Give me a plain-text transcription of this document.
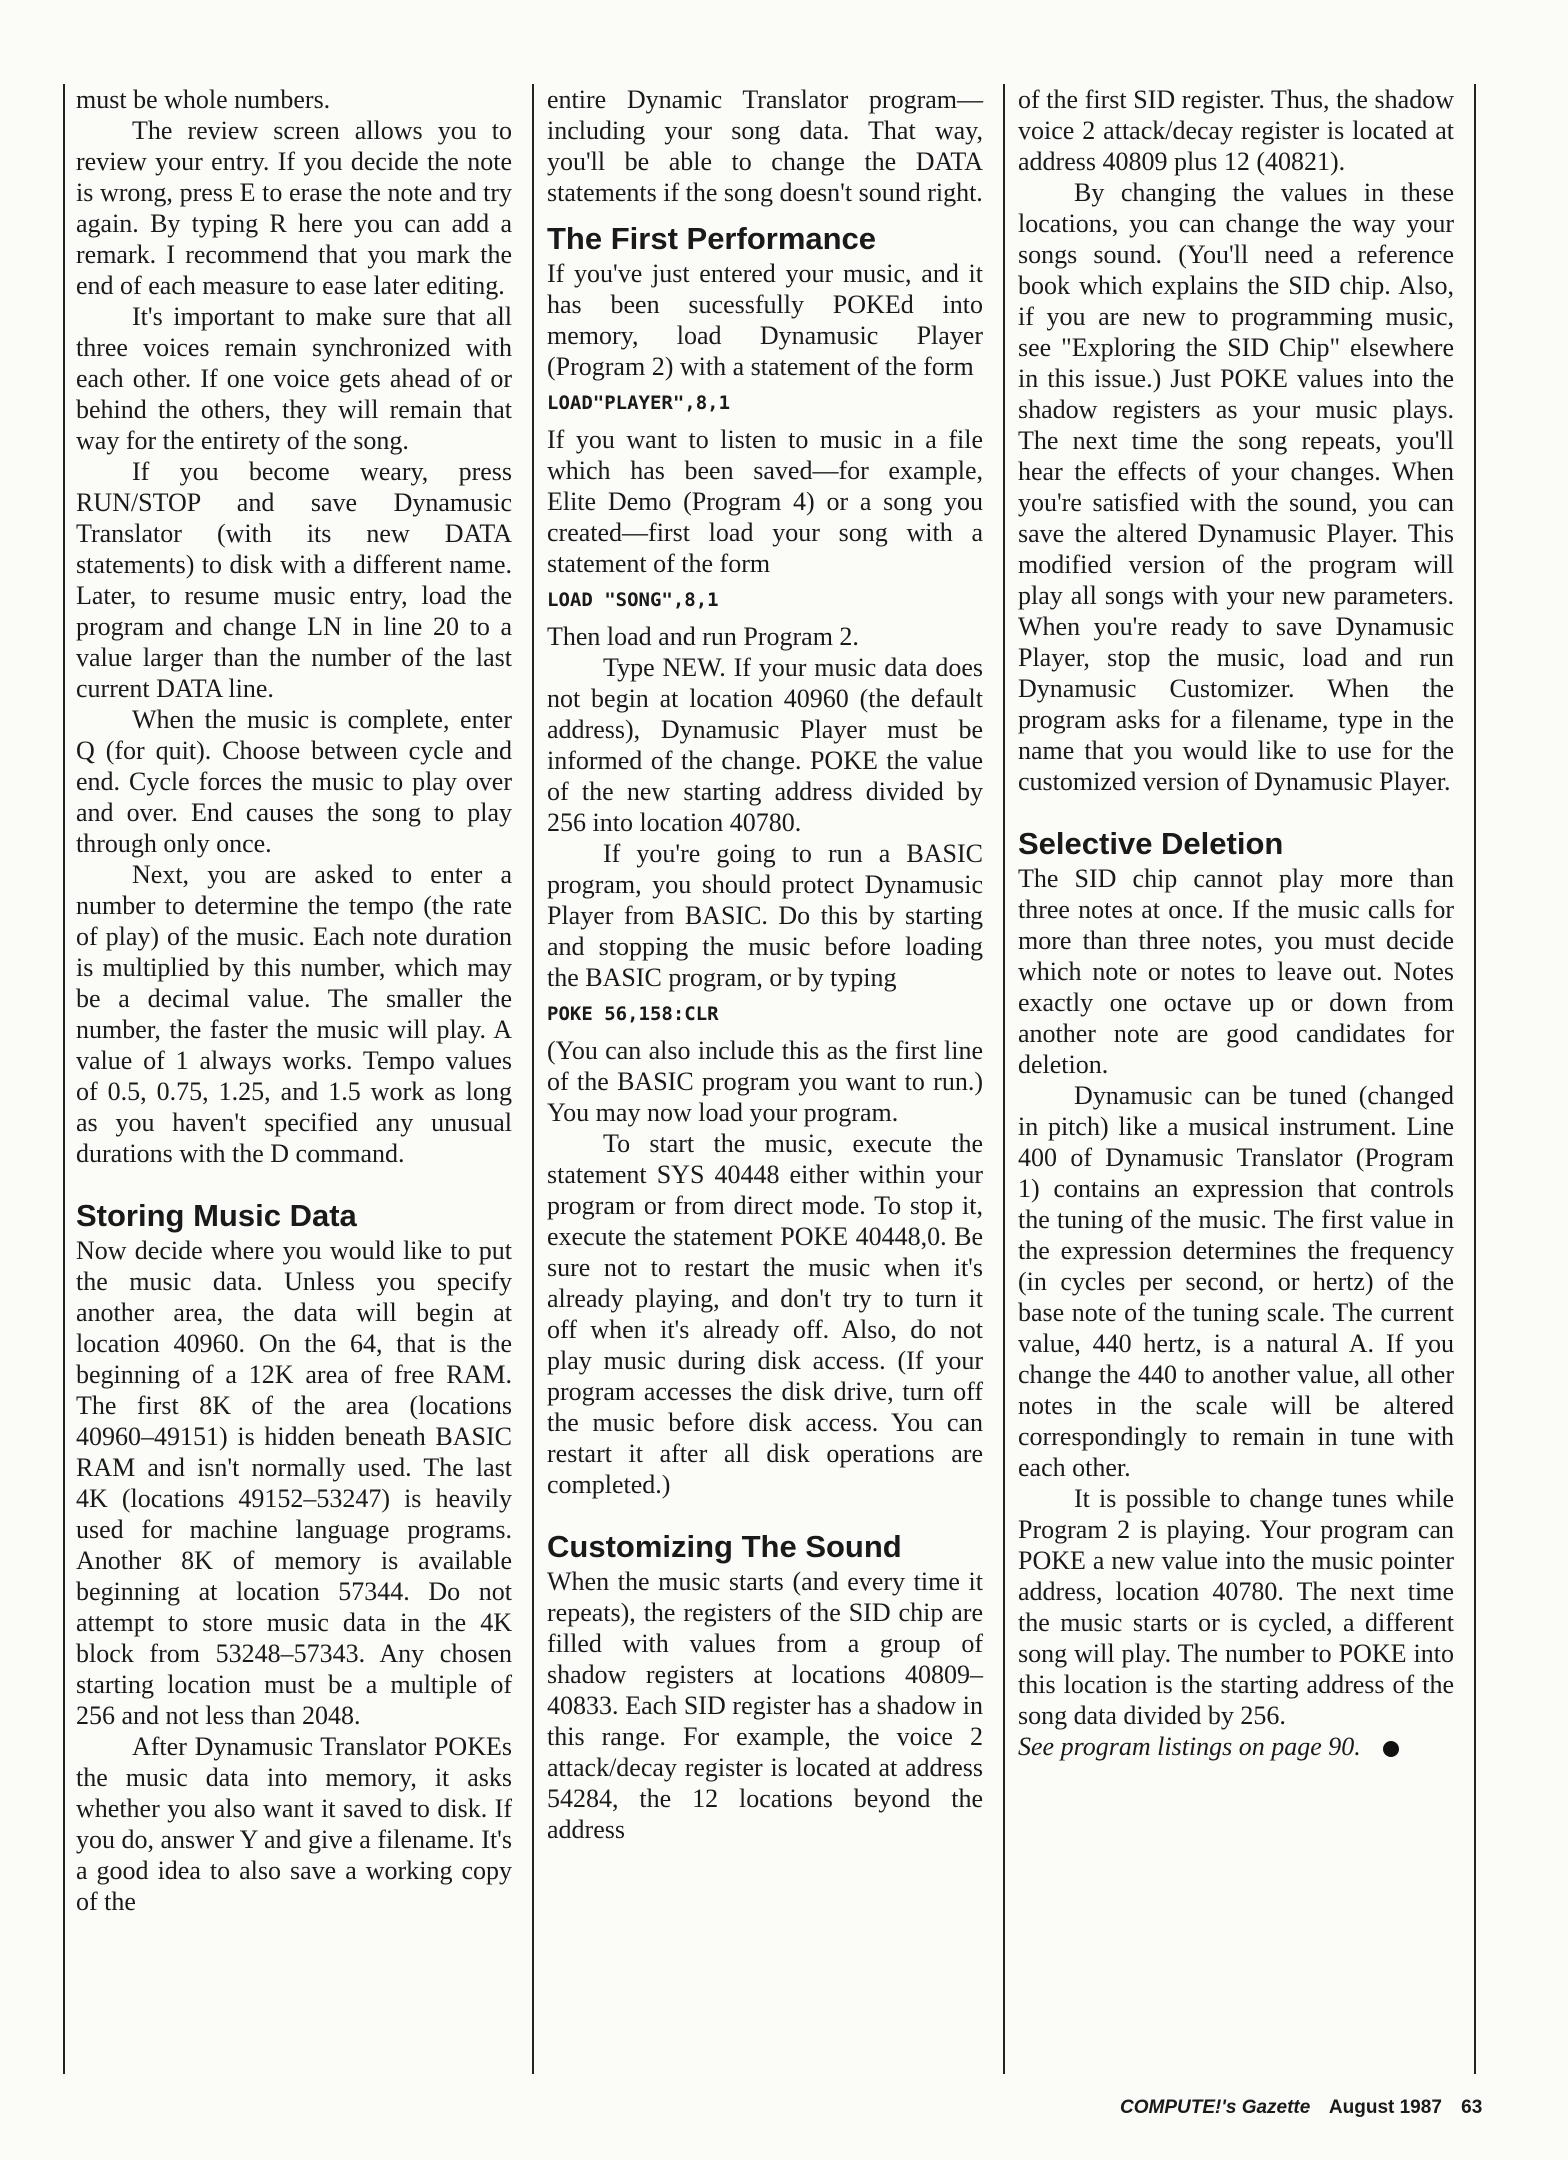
must be whole numbers.

The review screen allows you to review your entry. If you decide the note is wrong, press E to erase the note and try again. By typing R here you can add a remark. I recommend that you mark the end of each measure to ease later editing.

It's important to make sure that all three voices remain synchronized with each other. If one voice gets ahead of or behind the others, they will remain that way for the entirety of the song.

If you become weary, press RUN/STOP and save Dynamusic Translator (with its new DATA statements) to disk with a different name. Later, to resume music entry, load the program and change LN in line 20 to a value larger than the number of the last current DATA line.

When the music is complete, enter Q (for quit). Choose between cycle and end. Cycle forces the music to play over and over. End causes the song to play through only once.

Next, you are asked to enter a number to determine the tempo (the rate of play) of the music. Each note duration is multiplied by this number, which may be a decimal value. The smaller the number, the faster the music will play. A value of 1 always works. Tempo values of 0.5, 0.75, 1.25, and 1.5 work as long as you haven't specified any unusual durations with the D command.

Storing Music Data

Now decide where you would like to put the music data. Unless you specify another area, the data will begin at location 40960. On the 64, that is the beginning of a 12K area of free RAM. The first 8K of the area (locations 40960–49151) is hidden beneath BASIC RAM and isn't normally used. The last 4K (locations 49152–53247) is heavily used for machine language programs. Another 8K of memory is available beginning at location 57344. Do not attempt to store music data in the 4K block from 53248–57343. Any chosen starting location must be a multiple of 256 and not less than 2048.

After Dynamusic Translator POKEs the music data into memory, it asks whether you also want it saved to disk. If you do, answer Y and give a filename. It's a good idea to also save a working copy of the

entire Dynamic Translator program—including your song data. That way, you'll be able to change the DATA statements if the song doesn't sound right.

The First Performance

If you've just entered your music, and it has been sucessfully POKEd into memory, load Dynamusic Player (Program 2) with a statement of the form

LOAD"PLAYER",8,1

If you want to listen to music in a file which has been saved—for example, Elite Demo (Program 4) or a song you created—first load your song with a statement of the form

LOAD "SONG",8,1

Then load and run Program 2.

Type NEW. If your music data does not begin at location 40960 (the default address), Dynamusic Player must be informed of the change. POKE the value of the new starting address divided by 256 into location 40780.

If you're going to run a BASIC program, you should protect Dynamusic Player from BASIC. Do this by starting and stopping the music before loading the BASIC program, or by typing

POKE 56,158:CLR

(You can also include this as the first line of the BASIC program you want to run.) You may now load your program.

To start the music, execute the statement SYS 40448 either within your program or from direct mode. To stop it, execute the statement POKE 40448,0. Be sure not to restart the music when it's already playing, and don't try to turn it off when it's already off. Also, do not play music during disk access. (If your program accesses the disk drive, turn off the music before disk access. You can restart it after all disk operations are completed.)

Customizing The Sound

When the music starts (and every time it repeats), the registers of the SID chip are filled with values from a group of shadow registers at locations 40809–40833. Each SID register has a shadow in this range. For example, the voice 2 attack/decay register is located at address 54284, the 12 locations beyond the address

of the first SID register. Thus, the shadow voice 2 attack/decay register is located at address 40809 plus 12 (40821).

By changing the values in these locations, you can change the way your songs sound. (You'll need a reference book which explains the SID chip. Also, if you are new to programming music, see "Exploring the SID Chip" elsewhere in this issue.) Just POKE values into the shadow registers as your music plays. The next time the song repeats, you'll hear the effects of your changes. When you're satisfied with the sound, you can save the altered Dynamusic Player. This modified version of the program will play all songs with your new parameters. When you're ready to save Dynamusic Player, stop the music, load and run Dynamusic Customizer. When the program asks for a filename, type in the name that you would like to use for the customized version of Dynamusic Player.

Selective Deletion

The SID chip cannot play more than three notes at once. If the music calls for more than three notes, you must decide which note or notes to leave out. Notes exactly one octave up or down from another note are good candidates for deletion.

Dynamusic can be tuned (changed in pitch) like a musical instrument. Line 400 of Dynamusic Translator (Program 1) contains an expression that controls the tuning of the music. The first value in the expression determines the frequency (in cycles per second, or hertz) of the base note of the tuning scale. The current value, 440 hertz, is a natural A. If you change the 440 to another value, all other notes in the scale will be altered correspondingly to remain in tune with each other.

It is possible to change tunes while Program 2 is playing. Your program can POKE a new value into the music pointer address, location 40780. The next time the music starts or is cycled, a different song will play. The number to POKE into this location is the starting address of the song data divided by 256.

See program listings on page 90.

COMPUTE!'s Gazette August 1987 63
